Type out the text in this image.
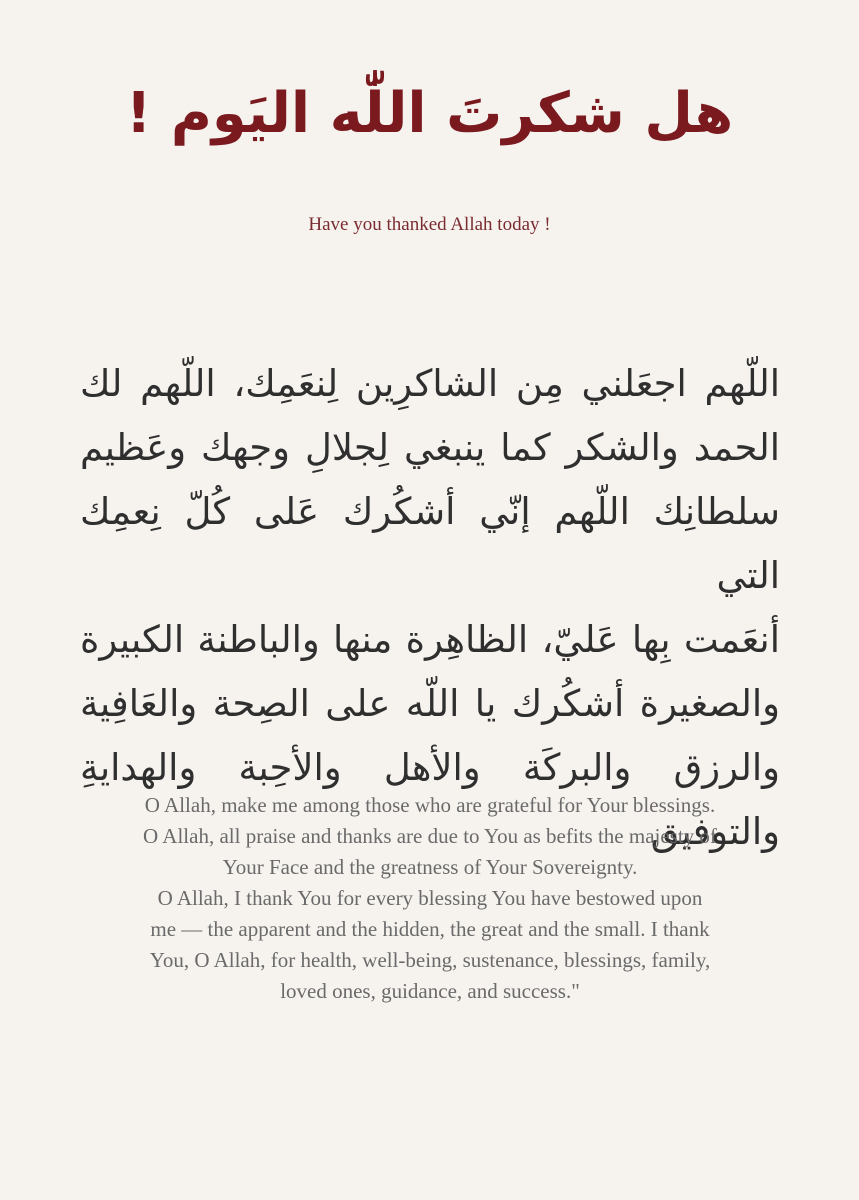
هل شكرتَ اللّٰه اليَوم !
Have you thanked Allah today !
اللّهم اجعَلني مِن الشاكرِين لِنعَمِك، اللّهم لك
الحمد والشكر كما ينبغي لِجلالِ وجهك وعَظيم
سلطانِك اللّهم إنّي أشكُرك عَلى كُلّ نِعمِك التي
أنعَمت بِها عَليّ، الظاهِرة منها والباطنة الكبيرة
والصغيرة أشكُرك يا اللّه على الصِحة والعَافِية
والرزق والبركَة والأهل والأحِبة والهدايةِ والتوفيق
O Allah, make me among those who are grateful for Your blessings.
O Allah, all praise and thanks are due to You as befits the majesty of
Your Face and the greatness of Your Sovereignty.
O Allah, I thank You for every blessing You have bestowed upon
me — the apparent and the hidden, the great and the small. I thank
You, O Allah, for health, well-being, sustenance, blessings, family,
loved ones, guidance, and success."
